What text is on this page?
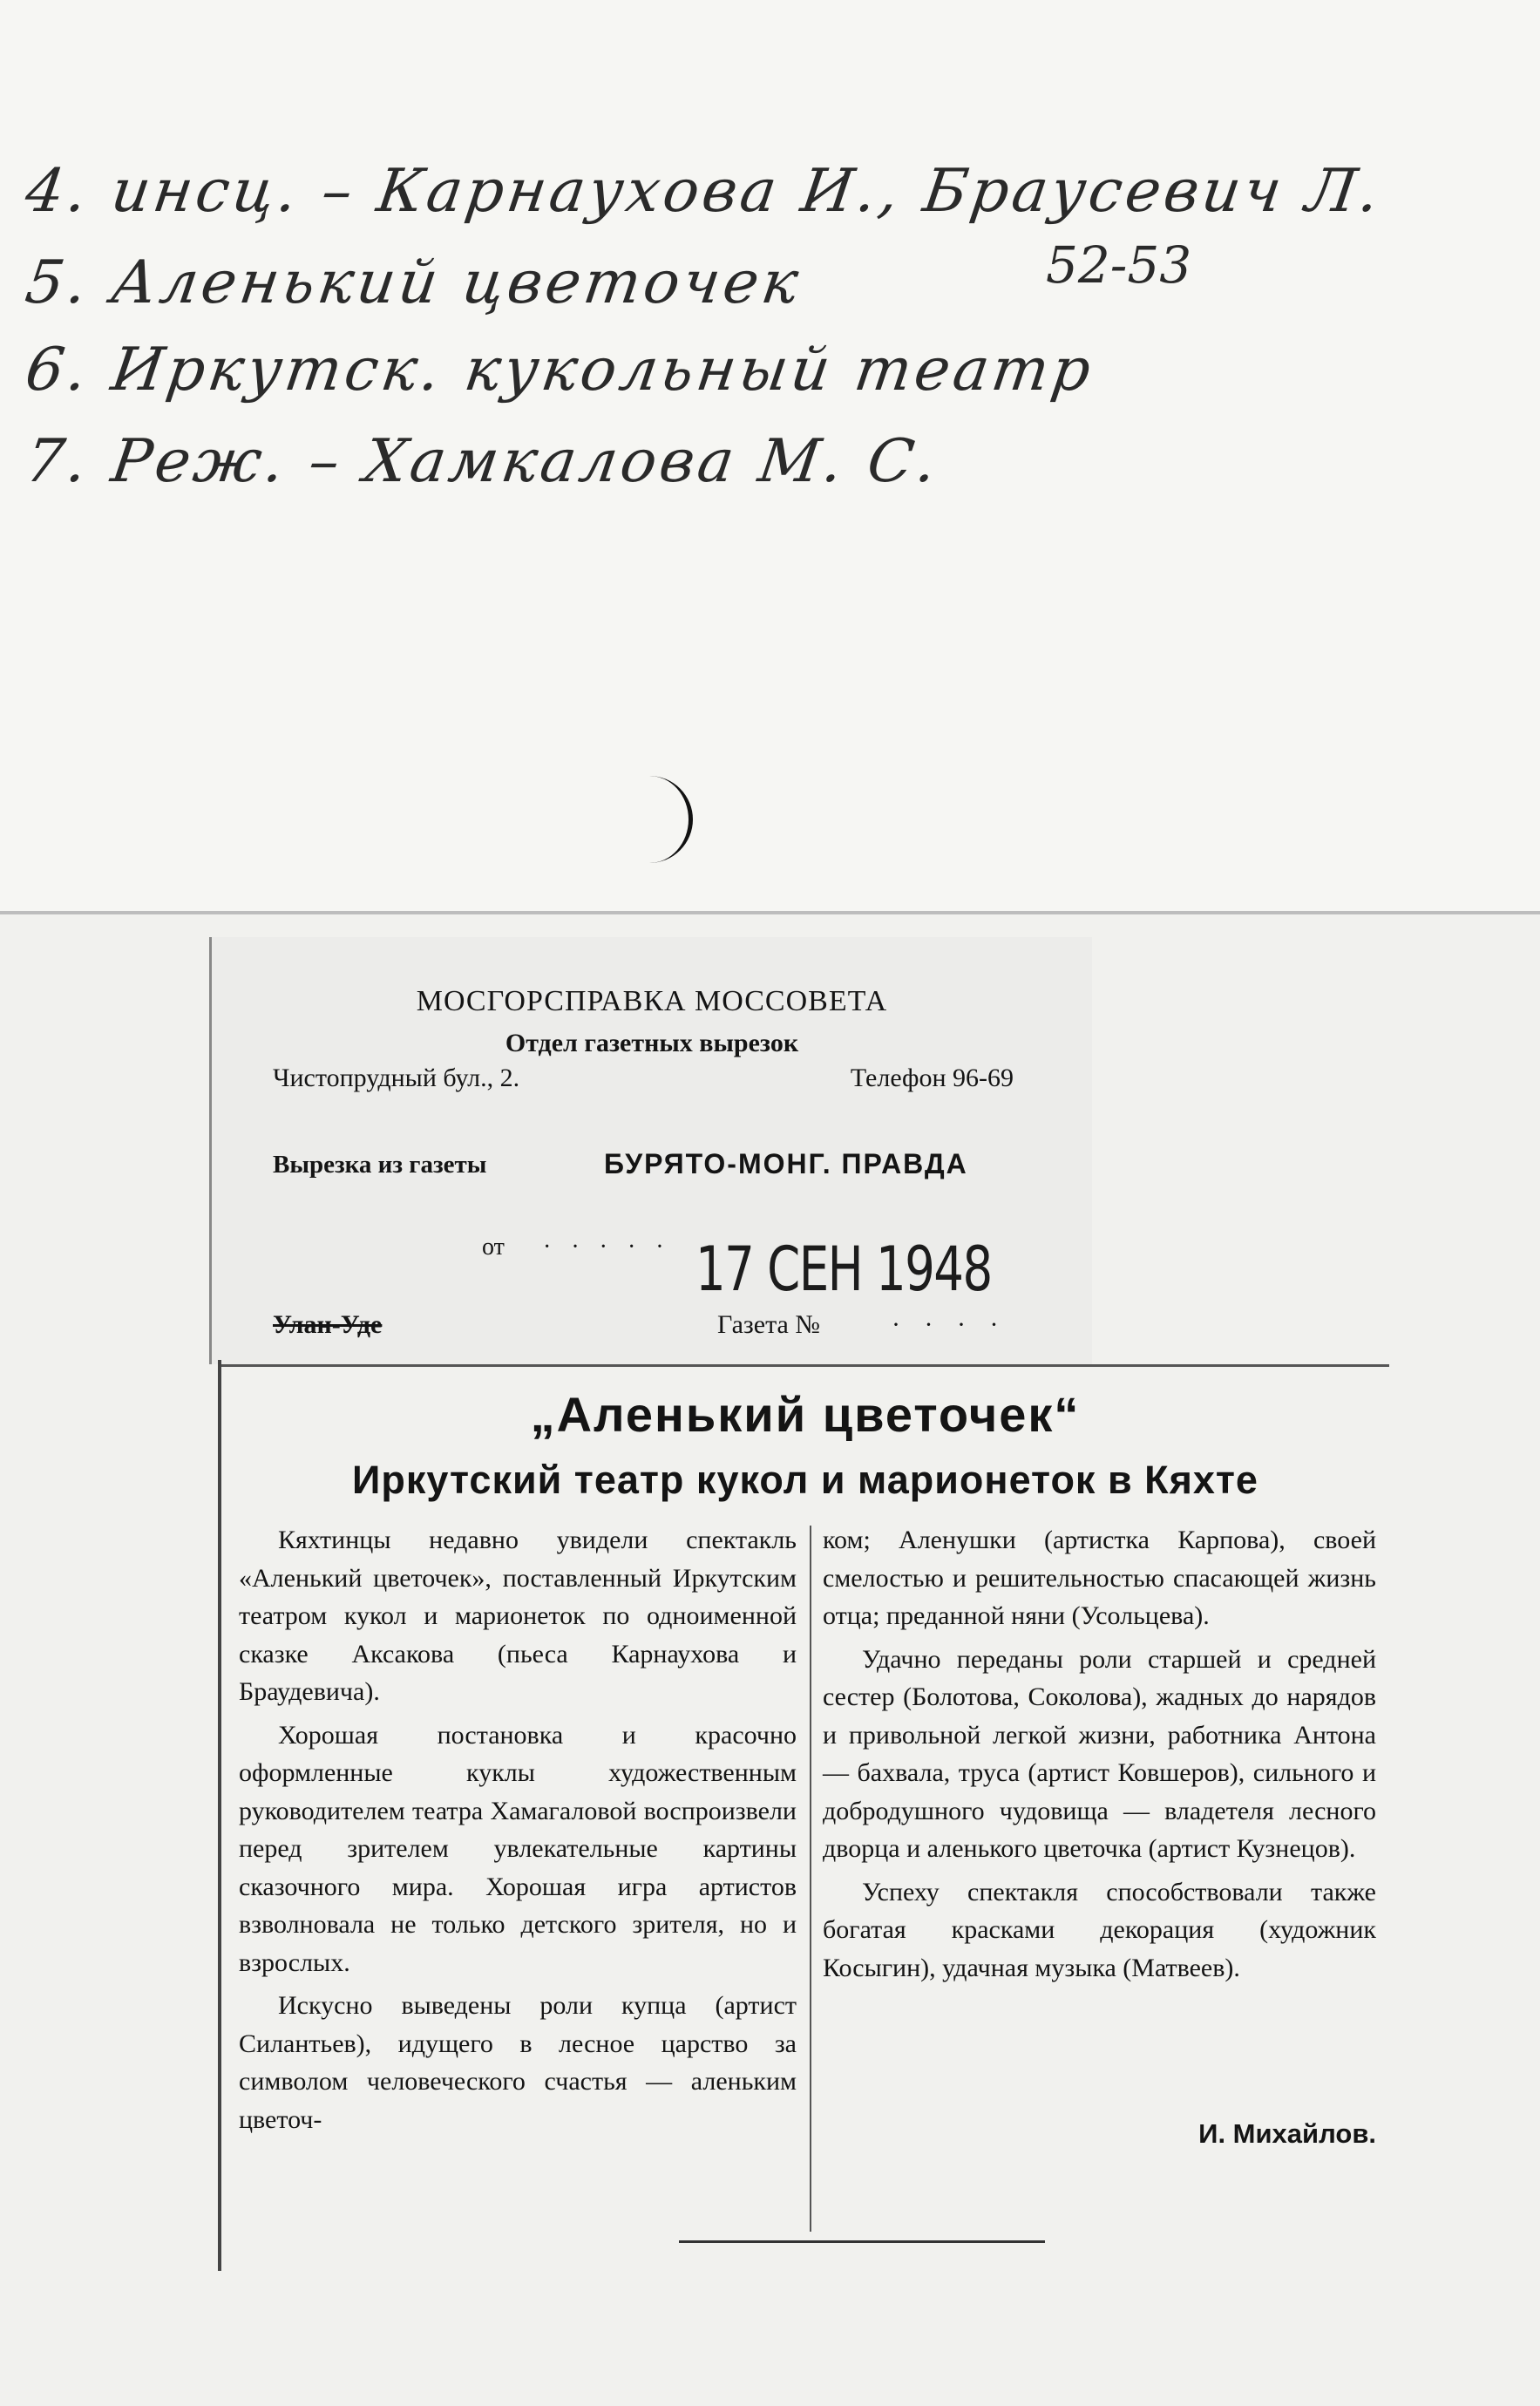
4. инсц. – Карнаухова И., Браусевич Л.
52-53
5. Аленький цветочек
6. Иркутск. кукольный театр
7. Реж. – Хамкалова М. С.
МОСГОРСПРАВКА МОССОВЕТА
Отдел газетных вырезок
Чистопрудный бул., 2.	Телефон 96-69
Вырезка из газеты	БУРЯТО-МОНГ. ПРАВДА
от · · · · · 17 СЕН 1948
Улан-Уде	Газета №	· · · ·
„Аленький цветочек“
Иркутский театр кукол и марионеток в Кяхте

Кяхтинцы недавно увидели спектакль «Аленький цветочек», поставленный Иркутским театром кукол и марионеток по одноименной сказке Аксакова (пьеса Карнаухова и Браудевича).

Хорошая постановка и красочно оформленные куклы художественным руководителем театра Хамагаловой воспроизвели перед зрителем увлекательные картины сказочного мира. Хорошая игра артистов взволновала не только детского зрителя, но и взрослых.

Искусно выведены роли купца (артист Силантьев), идущего в лесное царство за символом человеческого счастья — аленьким цветоч-

ком; Аленушки (артистка Карпова), своей смелостью и решительностью спасающей жизнь отца; преданной няни (Усольцева).

Удачно переданы роли старшей и средней сестер (Болотова, Соколова), жадных до нарядов и привольной легкой жизни, работника Антона — бахвала, труса (артист Ковшеров), сильного и добродушного чудовища — владетеля лесного дворца и аленького цветочка (артист Кузнецов).

Успеху спектакля способствовали также богатая красками декорация (художник Косыгин), удачная музыка (Матвеев).

И. Михайлов.
